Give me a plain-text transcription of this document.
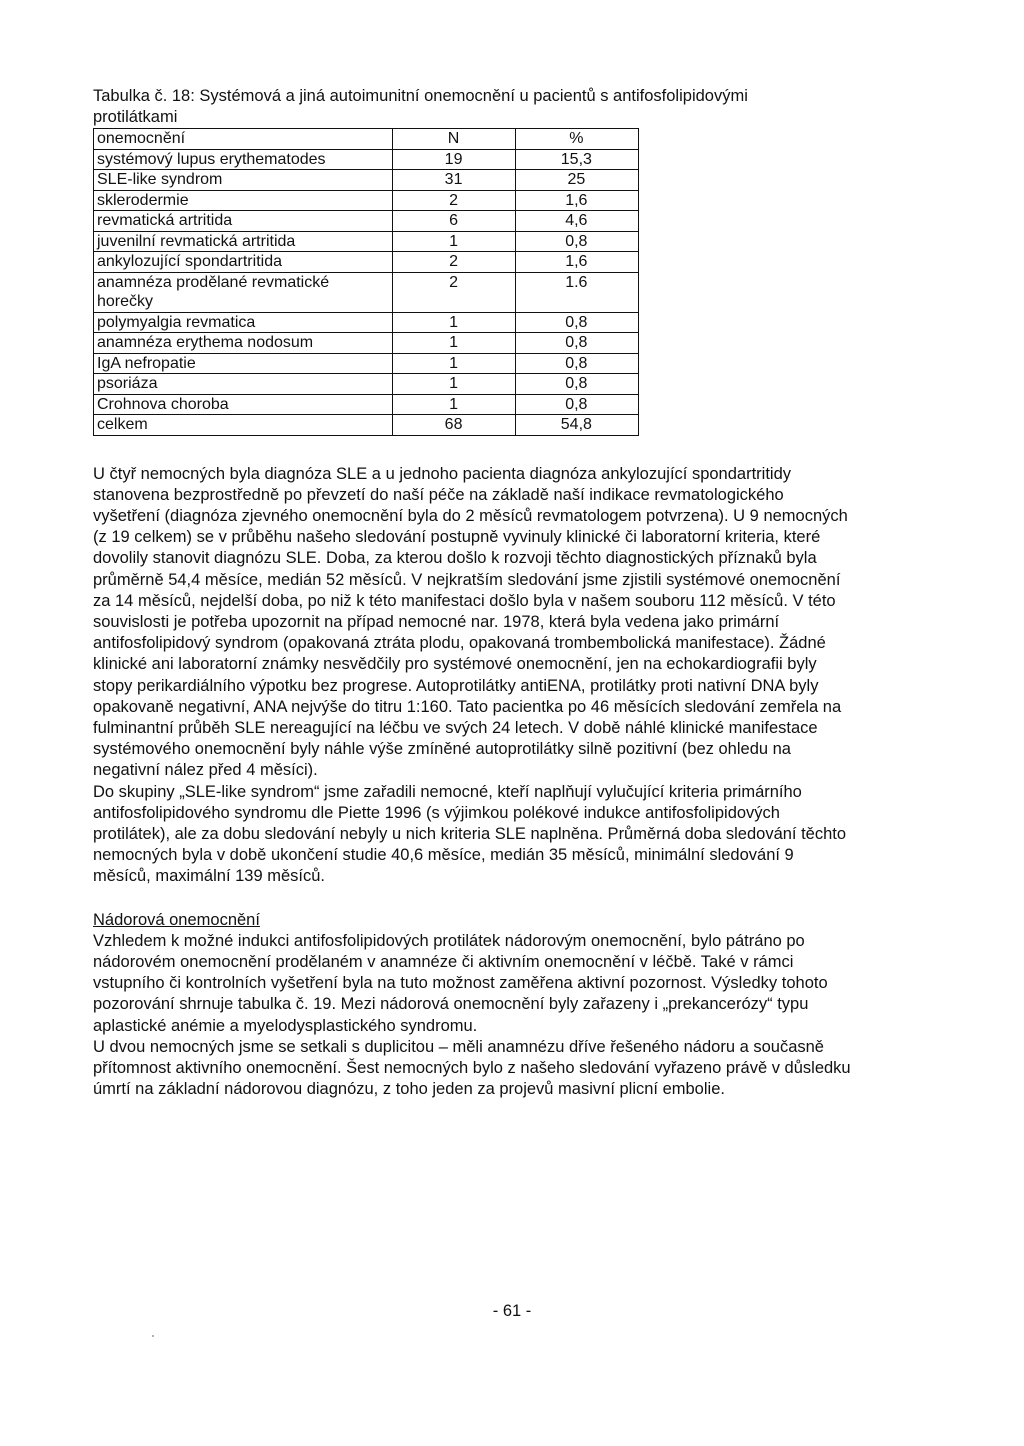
Tabulka č. 18: Systémová a jiná autoimunitní onemocnění u pacientů s antifosfolipidovými protilátkami
onemocnění	N	%
systémový lupus erythematodes	19	15,3
SLE-like syndrom	31	25
sklerodermie	2	1,6
revmatická artritida	6	4,6
juvenilní revmatická artritida	1	0,8
ankylozující spondartritida	2	1,6
anamnéza prodělané revmatické horečky	2	1.6
polymyalgia revmatica	1	0,8
anamnéza erythema nodosum	1	0,8
IgA nefropatie	1	0,8
psoriáza	1	0,8
Crohnova choroba	1	0,8
celkem	68	54,8

U čtyř nemocných byla diagnóza SLE a u jednoho pacienta diagnóza ankylozující spondartritidy stanovena bezprostředně po převzetí do naší péče na základě naší indikace revmatologického vyšetření (diagnóza zjevného onemocnění byla do 2 měsíců revmatologem potvrzena). U 9 nemocných (z 19 celkem) se v průběhu našeho sledování postupně vyvinuly klinické či laboratorní kriteria, které dovolily stanovit diagnózu SLE. Doba, za kterou došlo k rozvoji těchto diagnostických příznaků byla průměrně 54,4 měsíce, medián 52 měsíců. V nejkratším sledování jsme zjistili systémové onemocnění za 14 měsíců, nejdelší doba, po niž k této manifestaci došlo byla v našem souboru 112 měsíců. V této souvislosti je potřeba upozornit na případ nemocné nar. 1978, která byla vedena jako primární antifosfolipidový syndrom (opakovaná ztráta plodu, opakovaná trombembolická manifestace). Žádné klinické ani laboratorní známky nesvědčily pro systémové onemocnění, jen na echokardiografii byly stopy perikardiálního výpotku bez progrese. Autoprotilátky antiENA, protilátky proti nativní DNA byly opakovaně negativní, ANA nejvýše do titru 1:160. Tato pacientka po 46 měsících sledování zemřela na fulminantní průběh SLE nereagující na léčbu ve svých 24 letech. V době náhlé klinické manifestace systémového onemocnění byly náhle výše zmíněné autoprotilátky silně pozitivní (bez ohledu na negativní nález před 4 měsíci).

Do skupiny „SLE-like syndrom“ jsme zařadili nemocné, kteří naplňují vylučující kriteria primárního antifosfolipidového syndromu dle Piette 1996 (s výjimkou polékové indukce antifosfolipidových protilátek), ale za dobu sledování nebyly u nich kriteria SLE naplněna. Průměrná doba sledování těchto nemocných byla v době ukončení studie 40,6 měsíce, medián 35 měsíců, minimální sledování 9 měsíců, maximální 139 měsíců.

Nádorová onemocnění

Vzhledem k možné indukci antifosfolipidových protilátek nádorovým onemocnění, bylo pátráno po nádorovém onemocnění prodělaném v anamnéze či aktivním onemocnění v léčbě. Také v rámci vstupního či kontrolních vyšetření byla na tuto možnost zaměřena aktivní pozornost. Výsledky tohoto pozorování shrnuje tabulka č. 19. Mezi nádorová onemocnění byly zařazeny i „prekancerózy“ typu aplastické anémie a myelodysplastického syndromu.

U dvou nemocných jsme se setkali s duplicitou – měli anamnézu dříve řešeného nádoru a současně přítomnost aktivního onemocnění. Šest nemocných bylo z našeho sledování vyřazeno právě v důsledku úmrtí na základní nádorovou diagnózu, z toho jeden za projevů masivní plicní embolie.

- 61 -
